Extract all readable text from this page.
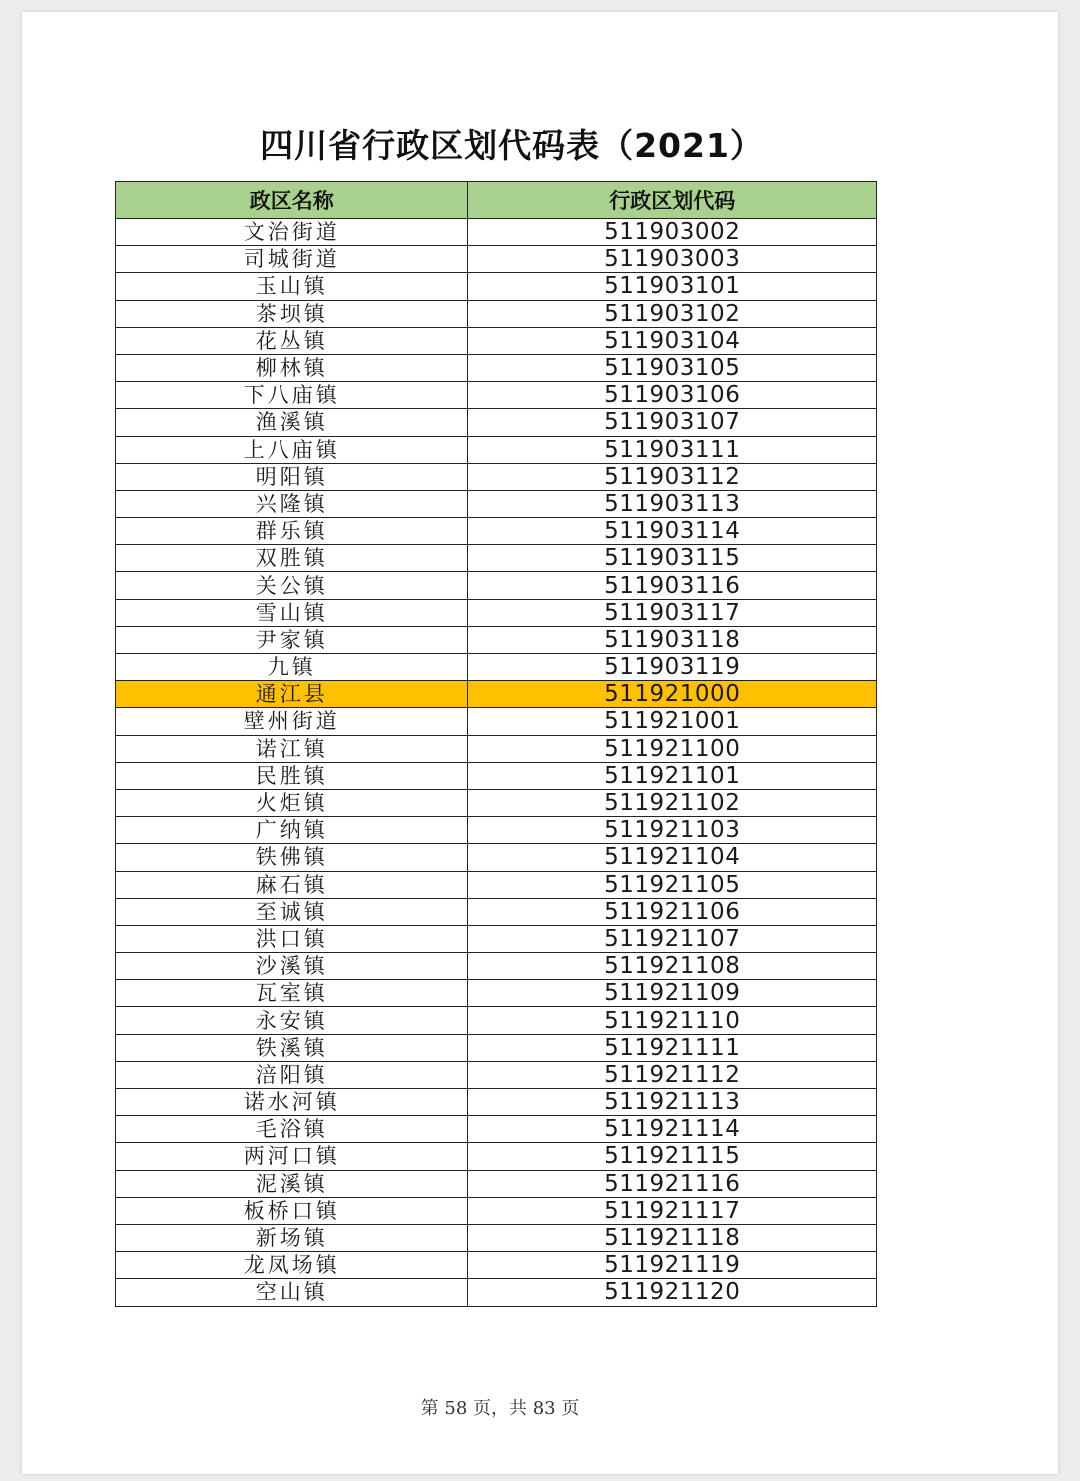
四川省行政区划代码表（2021）
政区名称	行政区划代码
文治街道	511903002
司城街道	511903003
玉山镇	511903101
茶坝镇	511903102
花丛镇	511903104
柳林镇	511903105
下八庙镇	511903106
渔溪镇	511903107
上八庙镇	511903111
明阳镇	511903112
兴隆镇	511903113
群乐镇	511903114
双胜镇	511903115
关公镇	511903116
雪山镇	511903117
尹家镇	511903118
九镇	511903119
通江县	511921000
壁州街道	511921001
诺江镇	511921100
民胜镇	511921101
火炬镇	511921102
广纳镇	511921103
铁佛镇	511921104
麻石镇	511921105
至诚镇	511921106
洪口镇	511921107
沙溪镇	511921108
瓦室镇	511921109
永安镇	511921110
铁溪镇	511921111
涪阳镇	511921112
诺水河镇	511921113
毛浴镇	511921114
两河口镇	511921115
泥溪镇	511921116
板桥口镇	511921117
新场镇	511921118
龙凤场镇	511921119
空山镇	511921120
第 58 页，共 83 页
